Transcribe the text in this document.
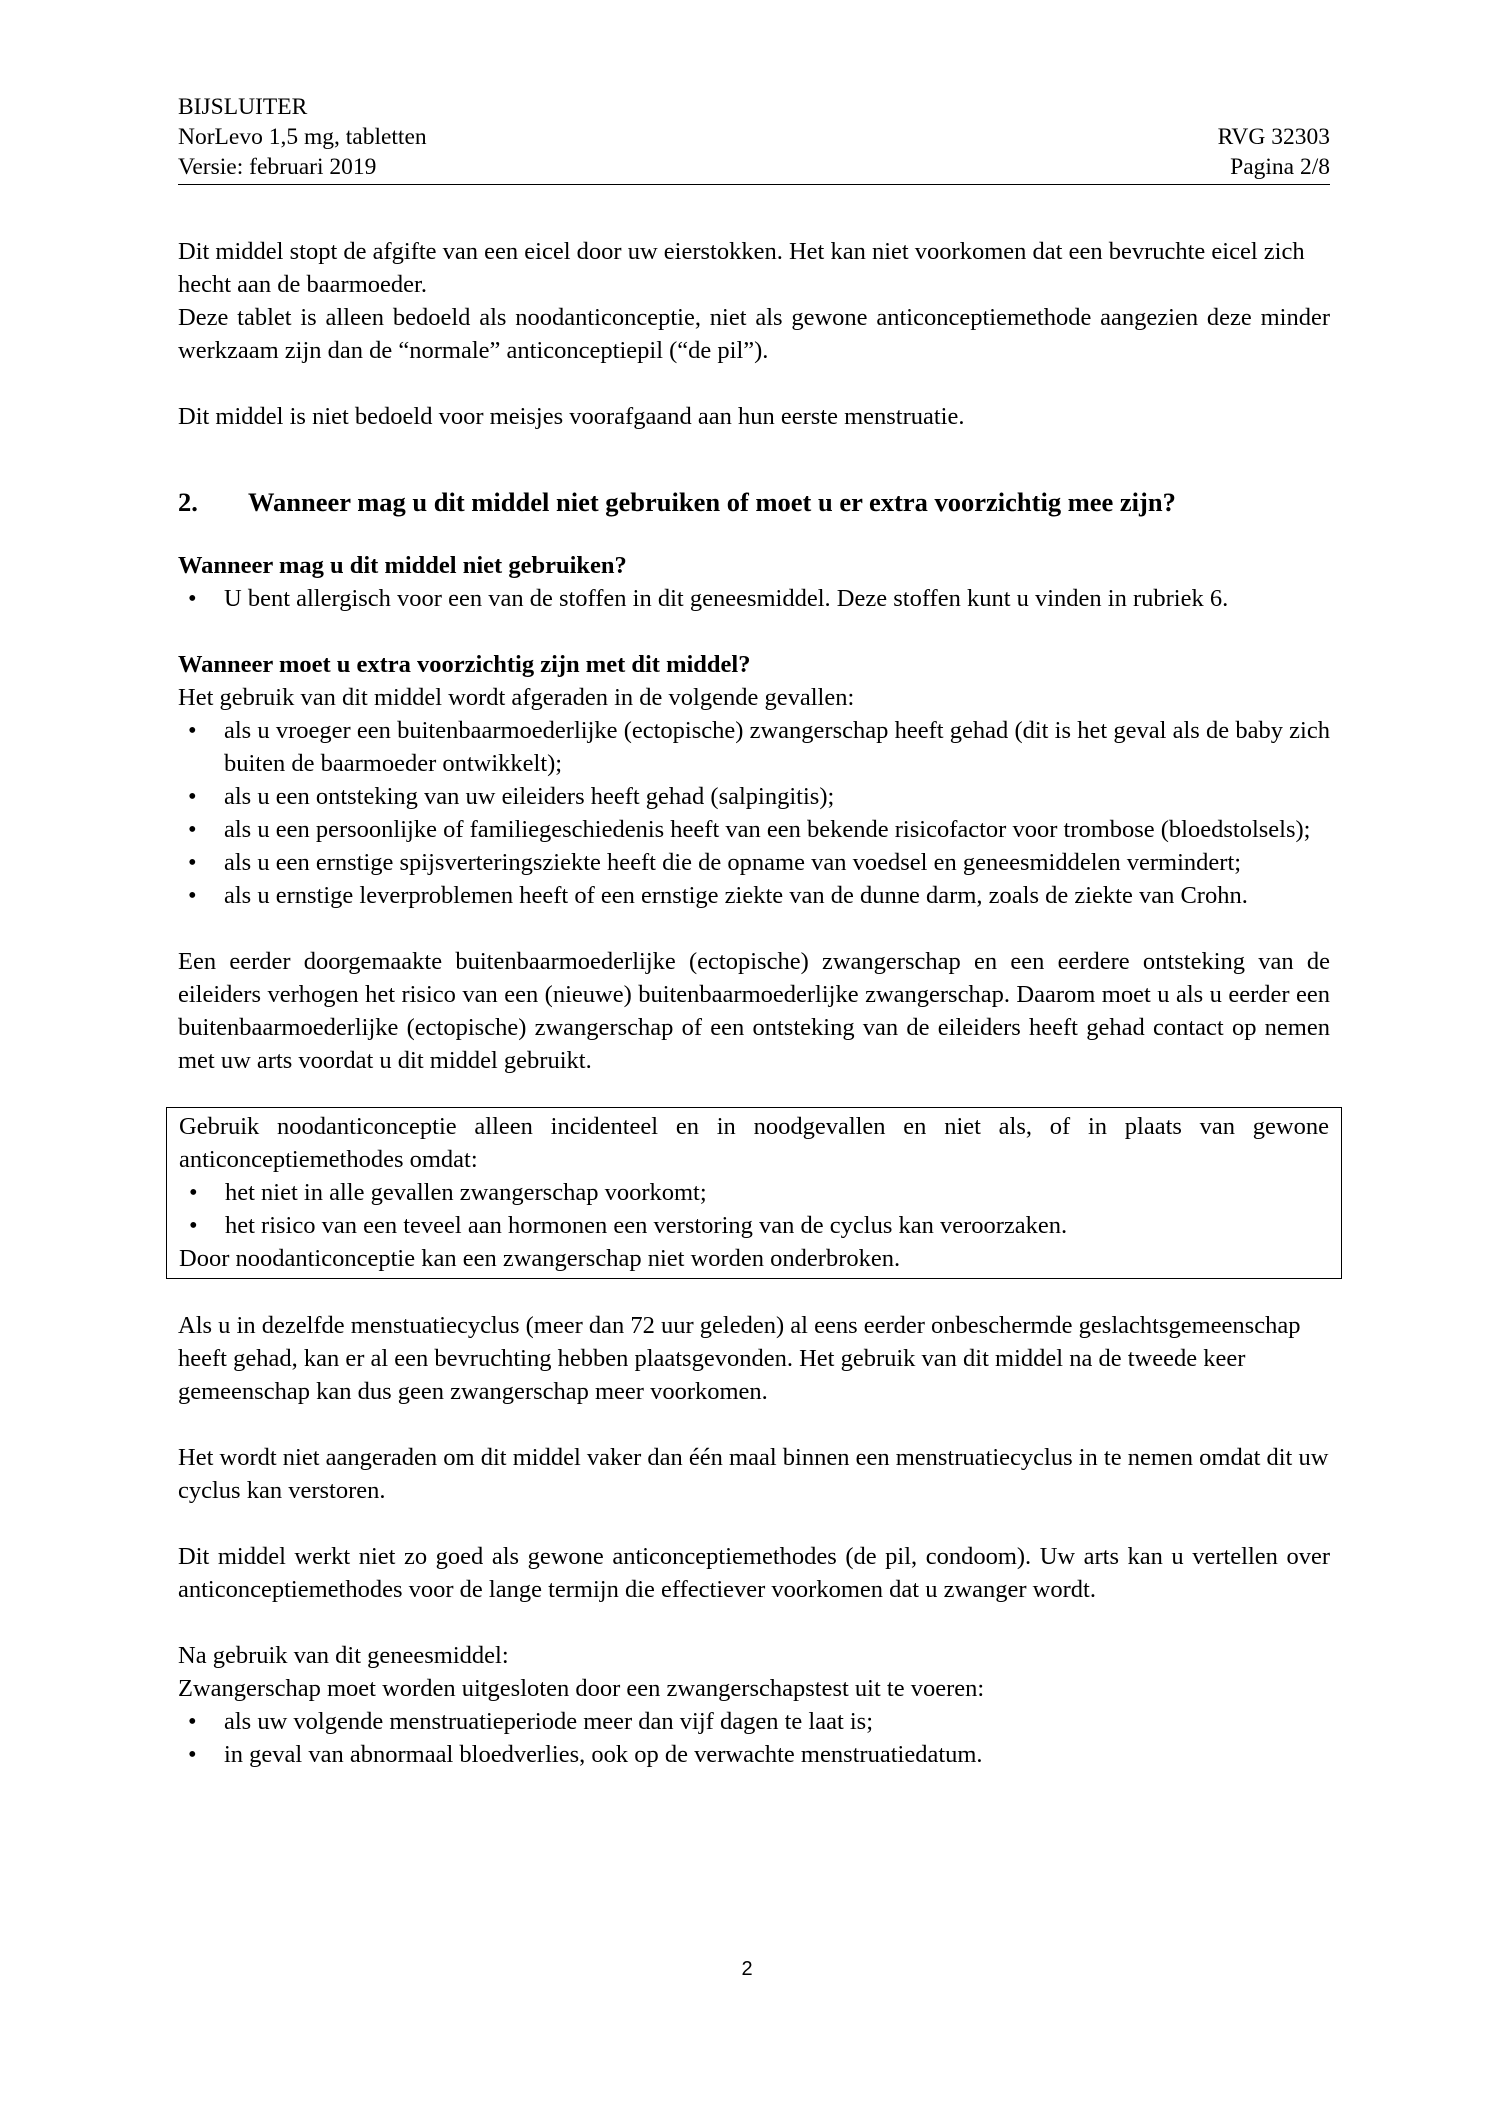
BIJSLUITER
NorLevo 1,5 mg, tabletten	RVG 32303
Versie: februari 2019	Pagina 2/8

Dit middel stopt de afgifte van een eicel door uw eierstokken. Het kan niet voorkomen dat een bevruchte eicel zich hecht aan de baarmoeder.

Deze tablet is alleen bedoeld als noodanticonceptie, niet als gewone anticonceptiemethode aangezien deze minder werkzaam zijn dan de “normale” anticonceptiepil (“de pil”).

Dit middel is niet bedoeld voor meisjes voorafgaand aan hun eerste menstruatie.

2.	Wanneer mag u dit middel niet gebruiken of moet u er extra voorzichtig mee zijn?

Wanneer mag u dit middel niet gebruiken?

• U bent allergisch voor een van de stoffen in dit geneesmiddel. Deze stoffen kunt u vinden in rubriek 6.

Wanneer moet u extra voorzichtig zijn met dit middel?

Het gebruik van dit middel wordt afgeraden in de volgende gevallen:

• als u vroeger een buitenbaarmoederlijke (ectopische) zwangerschap heeft gehad (dit is het geval als de baby zich buiten de baarmoeder ontwikkelt);
• als u een ontsteking van uw eileiders heeft gehad (salpingitis);
• als u een persoonlijke of familiegeschiedenis heeft van een bekende risicofactor voor trombose (bloedstolsels);
• als u een ernstige spijsverteringsziekte heeft die de opname van voedsel en geneesmiddelen vermindert;
• als u ernstige leverproblemen heeft of een ernstige ziekte van de dunne darm, zoals de ziekte van Crohn.

Een eerder doorgemaakte buitenbaarmoederlijke (ectopische) zwangerschap en een eerdere ontsteking van de eileiders verhogen het risico van een (nieuwe) buitenbaarmoederlijke zwangerschap. Daarom moet u als u eerder een buitenbaarmoederlijke (ectopische) zwangerschap of een ontsteking van de eileiders heeft gehad contact op nemen met uw arts voordat u dit middel gebruikt.

Gebruik noodanticonceptie alleen incidenteel en in noodgevallen en niet als, of in plaats van gewone anticonceptiemethodes omdat:

• het niet in alle gevallen zwangerschap voorkomt;
• het risico van een teveel aan hormonen een verstoring van de cyclus kan veroorzaken.

Door noodanticonceptie kan een zwangerschap niet worden onderbroken.

Als u in dezelfde menstuatiecyclus (meer dan 72 uur geleden) al eens eerder onbeschermde geslachtsgemeenschap heeft gehad, kan er al een bevruchting hebben plaatsgevonden. Het gebruik van dit middel na de tweede keer gemeenschap kan dus geen zwangerschap meer voorkomen.

Het wordt niet aangeraden om dit middel vaker dan één maal binnen een menstruatiecyclus in te nemen omdat dit uw cyclus kan verstoren.

Dit middel werkt niet zo goed als gewone anticonceptiemethodes (de pil, condoom). Uw arts kan u vertellen over anticonceptiemethodes voor de lange termijn die effectiever voorkomen dat u zwanger wordt.

Na gebruik van dit geneesmiddel:

Zwangerschap moet worden uitgesloten door een zwangerschapstest uit te voeren:

• als uw volgende menstruatieperiode meer dan vijf dagen te laat is;
• in geval van abnormaal bloedverlies, ook op de verwachte menstruatiedatum.
2
